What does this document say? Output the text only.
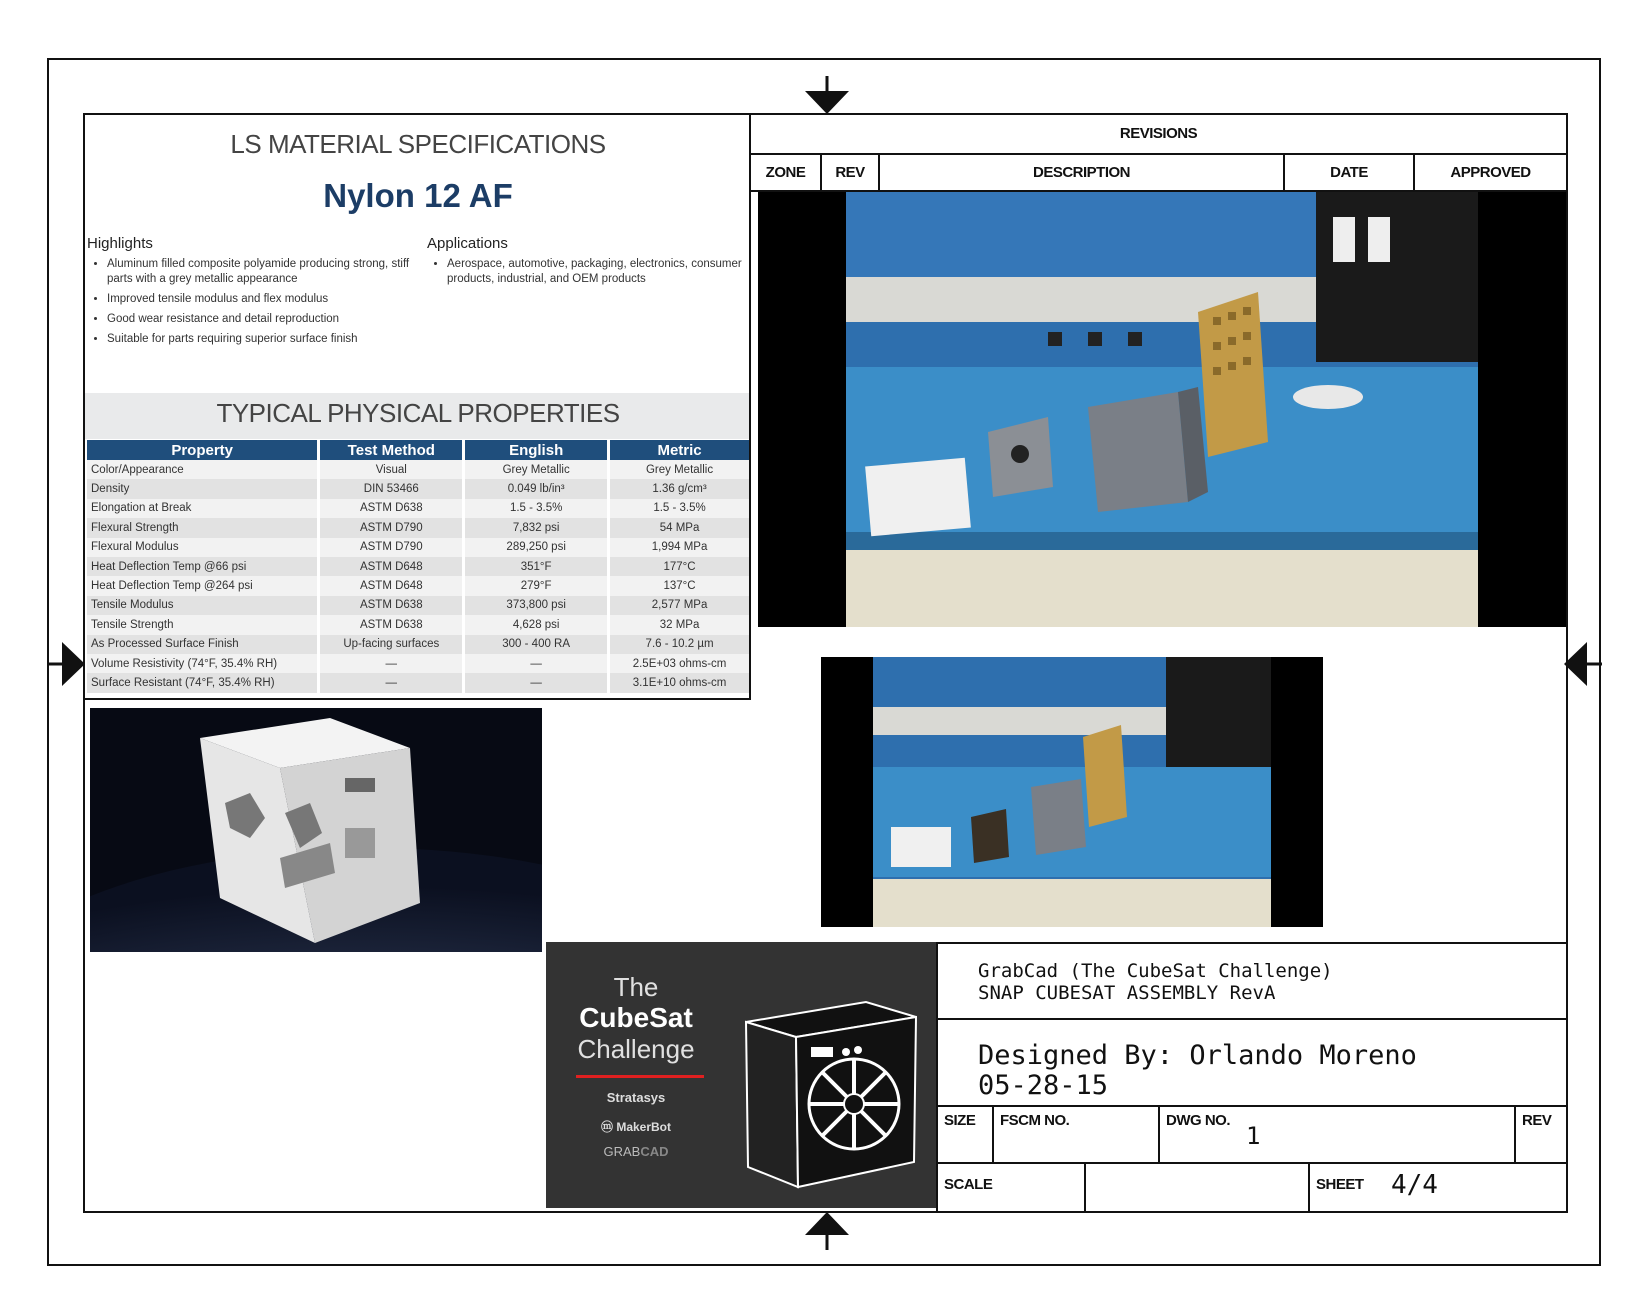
LS MATERIAL SPECIFICATIONS
Nylon 12 AF
Highlights
• Aluminum filled composite polyamide producing strong, stiff parts with a grey metallic appearance
• Improved tensile modulus and flex modulus
• Good wear resistance and detail reproduction
• Suitable for parts requiring superior surface finish
Applications
• Aerospace, automotive, packaging, electronics, consumer products, industrial, and OEM products
TYPICAL PHYSICAL PROPERTIES
Property	Test Method	English	Metric
Color/Appearance	Visual	Grey Metallic	Grey Metallic
Density	DIN 53466	0.049 lb/in³	1.36 g/cm³
Elongation at Break	ASTM D638	1.5 - 3.5%	1.5 - 3.5%
Flexural Strength	ASTM D790	7,832 psi	54 MPa
Flexural Modulus	ASTM D790	289,250 psi	1,994 MPa
Heat Deflection Temp @66 psi	ASTM D648	351°F	177°C
Heat Deflection Temp @264 psi	ASTM D648	279°F	137°C
Tensile Modulus	ASTM D638	373,800 psi	2,577 MPa
Tensile Strength	ASTM D638	4,628 psi	32 MPa
As Processed Surface Finish	Up-facing surfaces	300 - 400 RA	7.6 - 10.2 µm
Volume Resistivity (74°F, 35.4% RH)	—	—	2.5E+03 ohms-cm
Surface Resistant (74°F, 35.4% RH)	—	—	3.1E+10 ohms-cm
REVISIONS
ZONE	REV	DESCRIPTION	DATE	APPROVED
The
CubeSat
Challenge
Stratasys
ⓜ MakerBot
GRABCAD
GrabCad (The CubeSat Challenge)
SNAP CUBESAT ASSEMBLY RevA
Designed By: Orlando Moreno
05-28-15
SIZE FSCM NO.	DWG NO.
1
REV
SCALE	SHEET 4/4
